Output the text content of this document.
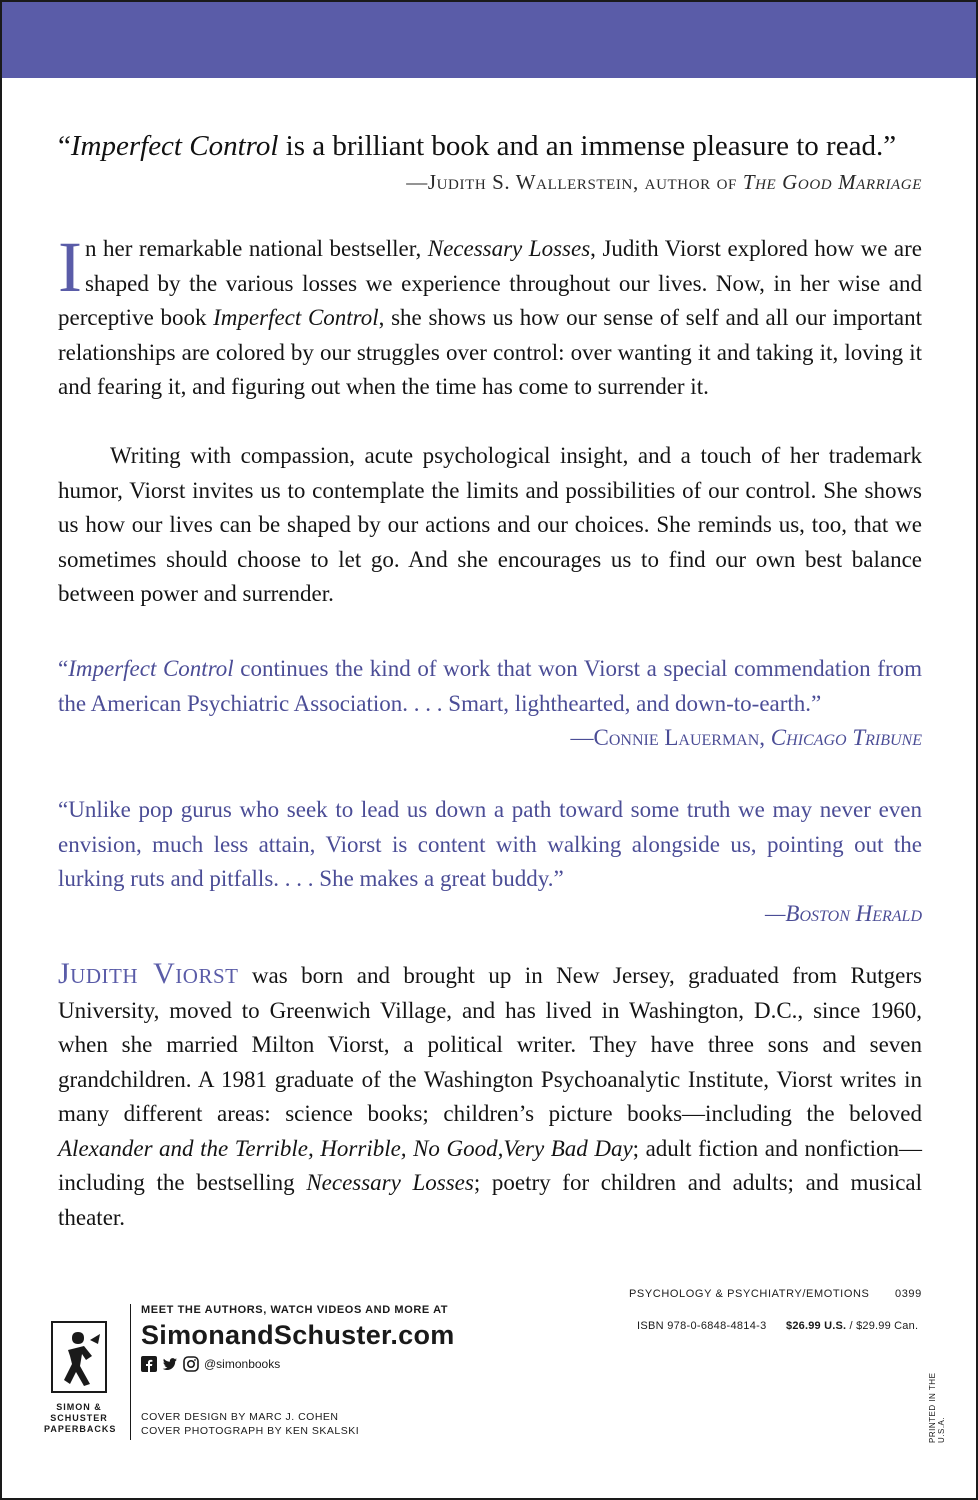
“Imperfect Control is a brilliant book and an immense pleasure to read.”
—Judith S. Wallerstein, author of The Good Marriage
In her remarkable national bestseller, Necessary Losses, Judith Viorst explored how we are shaped by the various losses we experience throughout our lives. Now, in her wise and perceptive book Imperfect Control, she shows us how our sense of self and all our important relationships are colored by our struggles over control: over wanting it and taking it, loving it and fearing it, and figuring out when the time has come to surrender it.
Writing with compassion, acute psychological insight, and a touch of her trademark humor, Viorst invites us to contemplate the limits and possibilities of our control. She shows us how our lives can be shaped by our actions and our choices. She reminds us, too, that we sometimes should choose to let go. And she encourages us to find our own best balance between power and surrender.
“Imperfect Control continues the kind of work that won Viorst a special commendation from the American Psychiatric Association. . . . Smart, lighthearted, and down-to-earth.”
—Connie Lauerman, Chicago Tribune
“Unlike pop gurus who seek to lead us down a path toward some truth we may never even envision, much less attain, Viorst is content with walking alongside us, pointing out the lurking ruts and pitfalls. . . . She makes a great buddy.”
—Boston Herald
Judith Viorst was born and brought up in New Jersey, graduated from Rutgers University, moved to Greenwich Village, and has lived in Washington, D.C., since 1960, when she married Milton Viorst, a political writer. They have three sons and seven grandchildren. A 1981 graduate of the Washington Psychoanalytic Institute, Viorst writes in many different areas: science books; children’s picture books—including the beloved Alexander and the Terrible, Horrible, No Good,Very Bad Day; adult fiction and nonfiction—including the bestselling Necessary Losses; poetry for children and adults; and musical theater.
SIMON & SCHUSTER PAPERBACKS
MEET THE AUTHORS, WATCH VIDEOS AND MORE AT
SimonandSchuster.com
@simonbooks
COVER DESIGN BY MARC J. COHEN
COVER PHOTOGRAPH BY KEN SKALSKI
PSYCHOLOGY & PSYCHIATRY/EMOTIONS 0399
ISBN 978-0-6848-4814-3 $26.99 U.S. / $29.99 Can.
PRINTED IN THE U.S.A.
